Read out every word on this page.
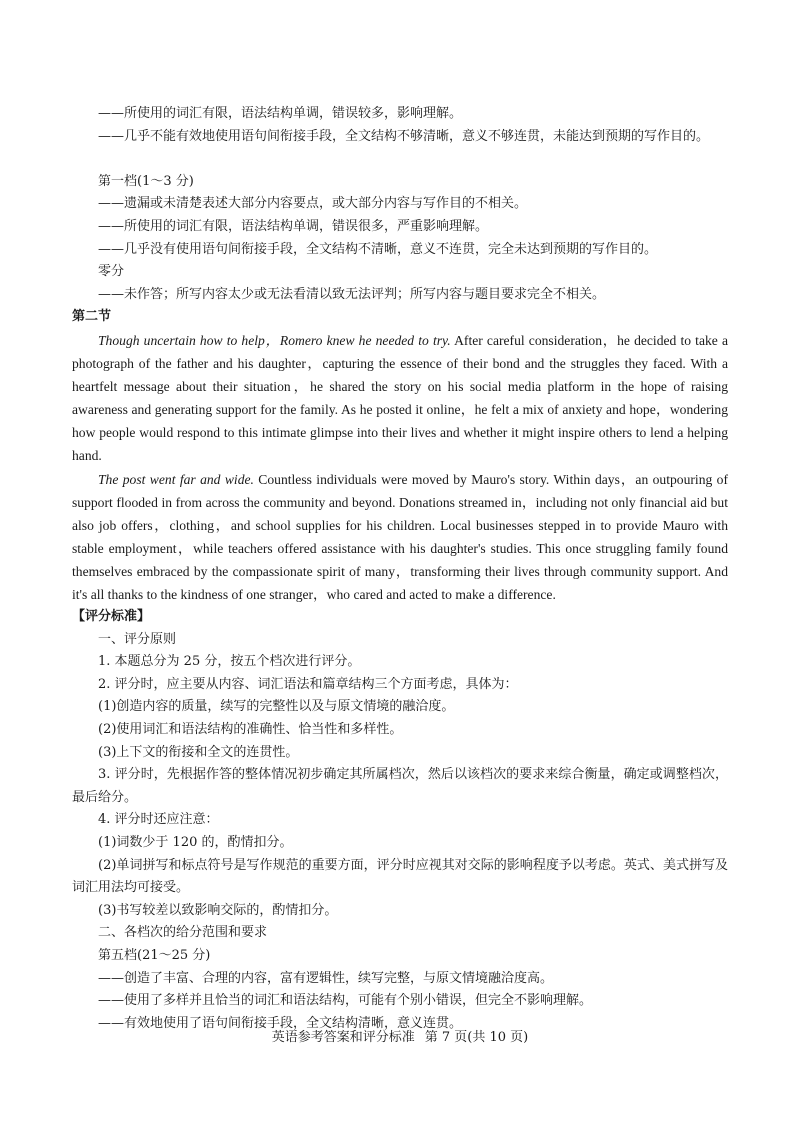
——所使用的词汇有限，语法结构单调，错误较多，影响理解。
——几乎不能有效地使用语句间衔接手段，全文结构不够清晰，意义不够连贯，未能达到预期的写作目的。
第一档(1～3 分)
——遗漏或未清楚表述大部分内容要点，或大部分内容与写作目的不相关。
——所使用的词汇有限，语法结构单调，错误很多，严重影响理解。
——几乎没有使用语句间衔接手段，全文结构不清晰，意义不连贯，完全未达到预期的写作目的。
零分
——未作答；所写内容太少或无法看清以致无法评判；所写内容与题目要求完全不相关。
第二节
Though uncertain how to help，Romero knew he needed to try. After careful consideration，he decided to take a photograph of the father and his daughter，capturing the essence of their bond and the struggles they faced. With a heartfelt message about their situation，he shared the story on his social media platform in the hope of raising awareness and generating support for the family. As he posted it online，he felt a mix of anxiety and hope，wondering how people would respond to this intimate glimpse into their lives and whether it might inspire others to lend a helping hand.
The post went far and wide. Countless individuals were moved by Mauro's story. Within days，an outpouring of support flooded in from across the community and beyond. Donations streamed in，including not only financial aid but also job offers，clothing，and school supplies for his children. Local businesses stepped in to provide Mauro with stable employment，while teachers offered assistance with his daughter's studies. This once struggling family found themselves embraced by the compassionate spirit of many，transforming their lives through community support. And it's all thanks to the kindness of one stranger，who cared and acted to make a difference.
【评分标准】
一、评分原则
1. 本题总分为 25 分，按五个档次进行评分。
2. 评分时，应主要从内容、词汇语法和篇章结构三个方面考虑，具体为：
(1)创造内容的质量，续写的完整性以及与原文情境的融洽度。
(2)使用词汇和语法结构的准确性、恰当性和多样性。
(3)上下文的衔接和全文的连贯性。
3. 评分时，先根据作答的整体情况初步确定其所属档次，然后以该档次的要求来综合衡量，确定或调整档次，最后给分。
4. 评分时还应注意：
(1)词数少于 120 的，酌情扣分。
(2)单词拼写和标点符号是写作规范的重要方面，评分时应视其对交际的影响程度予以考虑。英式、美式拼写及词汇用法均可接受。
(3)书写较差以致影响交际的，酌情扣分。
二、各档次的给分范围和要求
第五档(21～25 分)
——创造了丰富、合理的内容，富有逻辑性，续写完整，与原文情境融洽度高。
——使用了多样并且恰当的词汇和语法结构，可能有个别小错误，但完全不影响理解。
——有效地使用了语句间衔接手段，全文结构清晰，意义连贯。
英语参考答案和评分标准 第 7 页(共 10 页)
